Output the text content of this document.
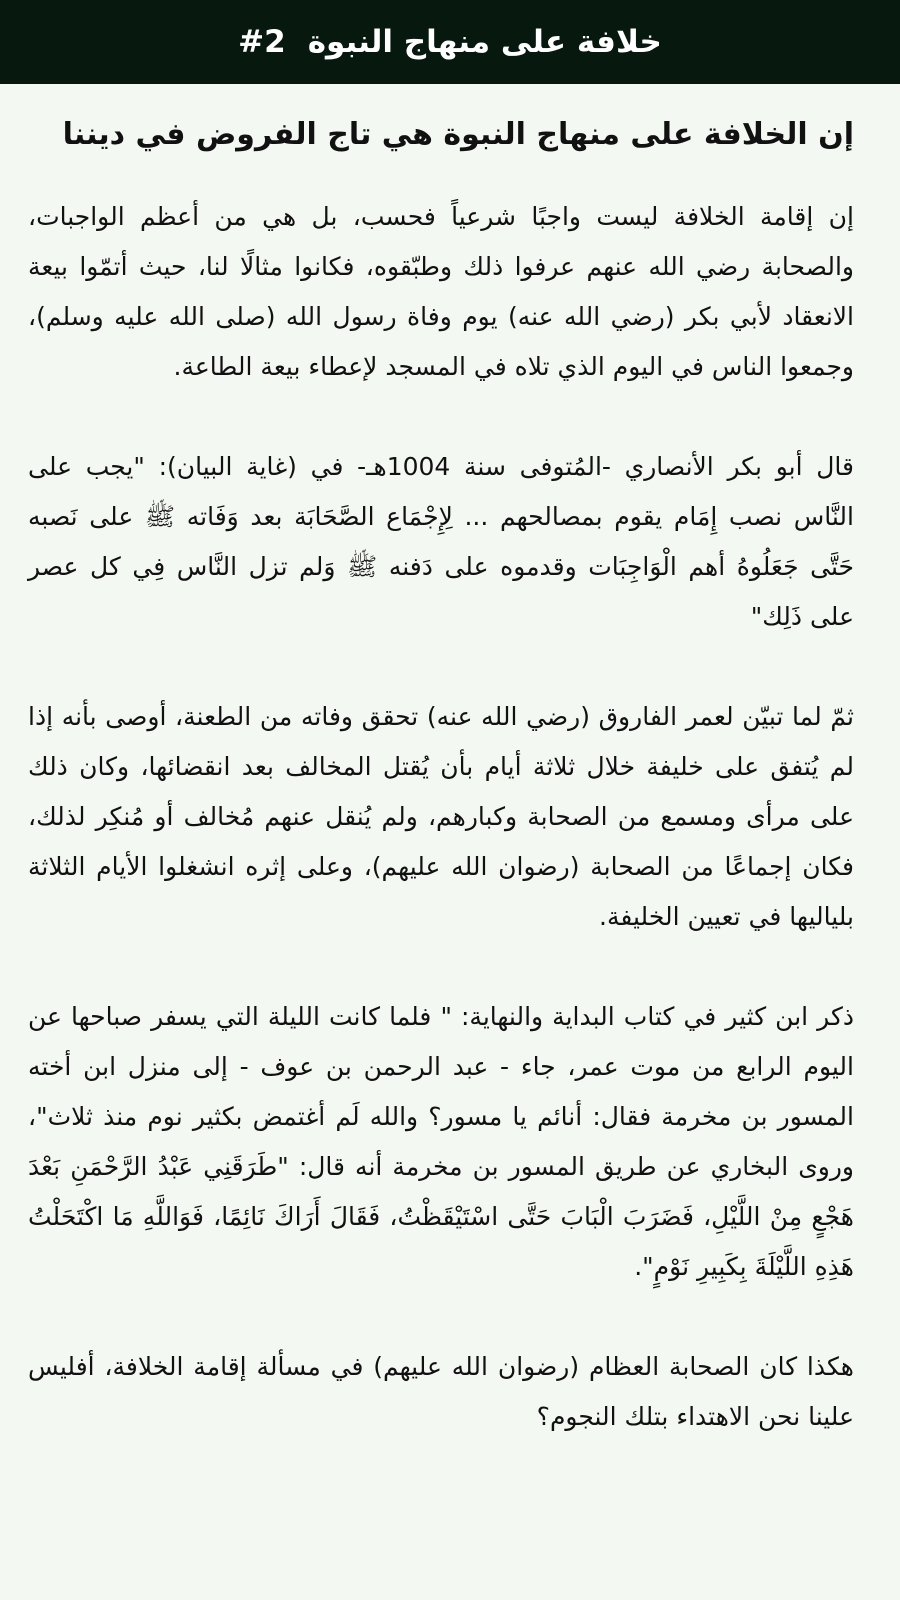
خلافة على منهاج النبوة
#2
إن الخلافة على منهاج النبوة هي تاج الفروض في ديننا

إن إقامة الخلافة ليست واجبًا شرعياً فحسب، بل هي من أعظم الواجبات، والصحابة رضي الله عنهم عرفوا ذلك وطبّقوه، فكانوا مثالًا لنا، حيث أتمّوا بيعة الانعقاد لأبي بكر (رضي الله عنه) يوم وفاة رسول الله (صلى الله عليه وسلم)، وجمعوا الناس في اليوم الذي تلاه في المسجد لإعطاء بيعة الطاعة.

قال أبو بكر الأنصاري -المُتوفى سنة 1004هـ- في (غاية البيان): "يجب على النَّاس نصب إِمَام يقوم بمصالحهم ... لِإِجْمَاع الصَّحَابَة بعد وَفَاته ﷺ على نَصبه حَتَّى جَعَلُوهُ أهم الْوَاجِبَات وقدموه على دَفنه ﷺ وَلم تزل النَّاس فِي كل عصر على ذَلِك"

ثمّ لما تبيّن لعمر الفاروق (رضي الله عنه) تحقق وفاته من الطعنة، أوصى بأنه إذا لم يُتفق على خليفة خلال ثلاثة أيام بأن يُقتل المخالف بعد انقضائها، وكان ذلك على مرأى ومسمع من الصحابة وكبارهم، ولم يُنقل عنهم مُخالف أو مُنكِر لذلك، فكان إجماعًا من الصحابة (رضوان الله عليهم)، وعلى إثره انشغلوا الأيام الثلاثة بلياليها في تعيين الخليفة.

ذكر ابن كثير في كتاب البداية والنهاية: " فلما كانت الليلة التي يسفر صباحها عن اليوم الرابع من موت عمر، جاء - عبد الرحمن بن عوف - إلى منزل ابن أخته المسور بن مخرمة فقال: أنائم يا مسور؟ والله لَم أغتمض بكثير نوم منذ ثلاث"، وروى البخاري عن طريق المسور بن مخرمة أنه قال: "طَرَقَنِي عَبْدُ الرَّحْمَنِ بَعْدَ هَجْعٍ مِنْ اللَّيْلِ، فَضَرَبَ الْبَابَ حَتَّى اسْتَيْقَظْتُ، فَقَالَ أَرَاكَ نَائِمًا، فَوَاللَّهِ مَا اكْتَحَلْتُ هَذِهِ اللَّيْلَةَ بِكَبِيرِ نَوْمٍ".

هكذا كان الصحابة العظام (رضوان الله عليهم) في مسألة إقامة الخلافة، أفليس علينا نحن الاهتداء بتلك النجوم؟
